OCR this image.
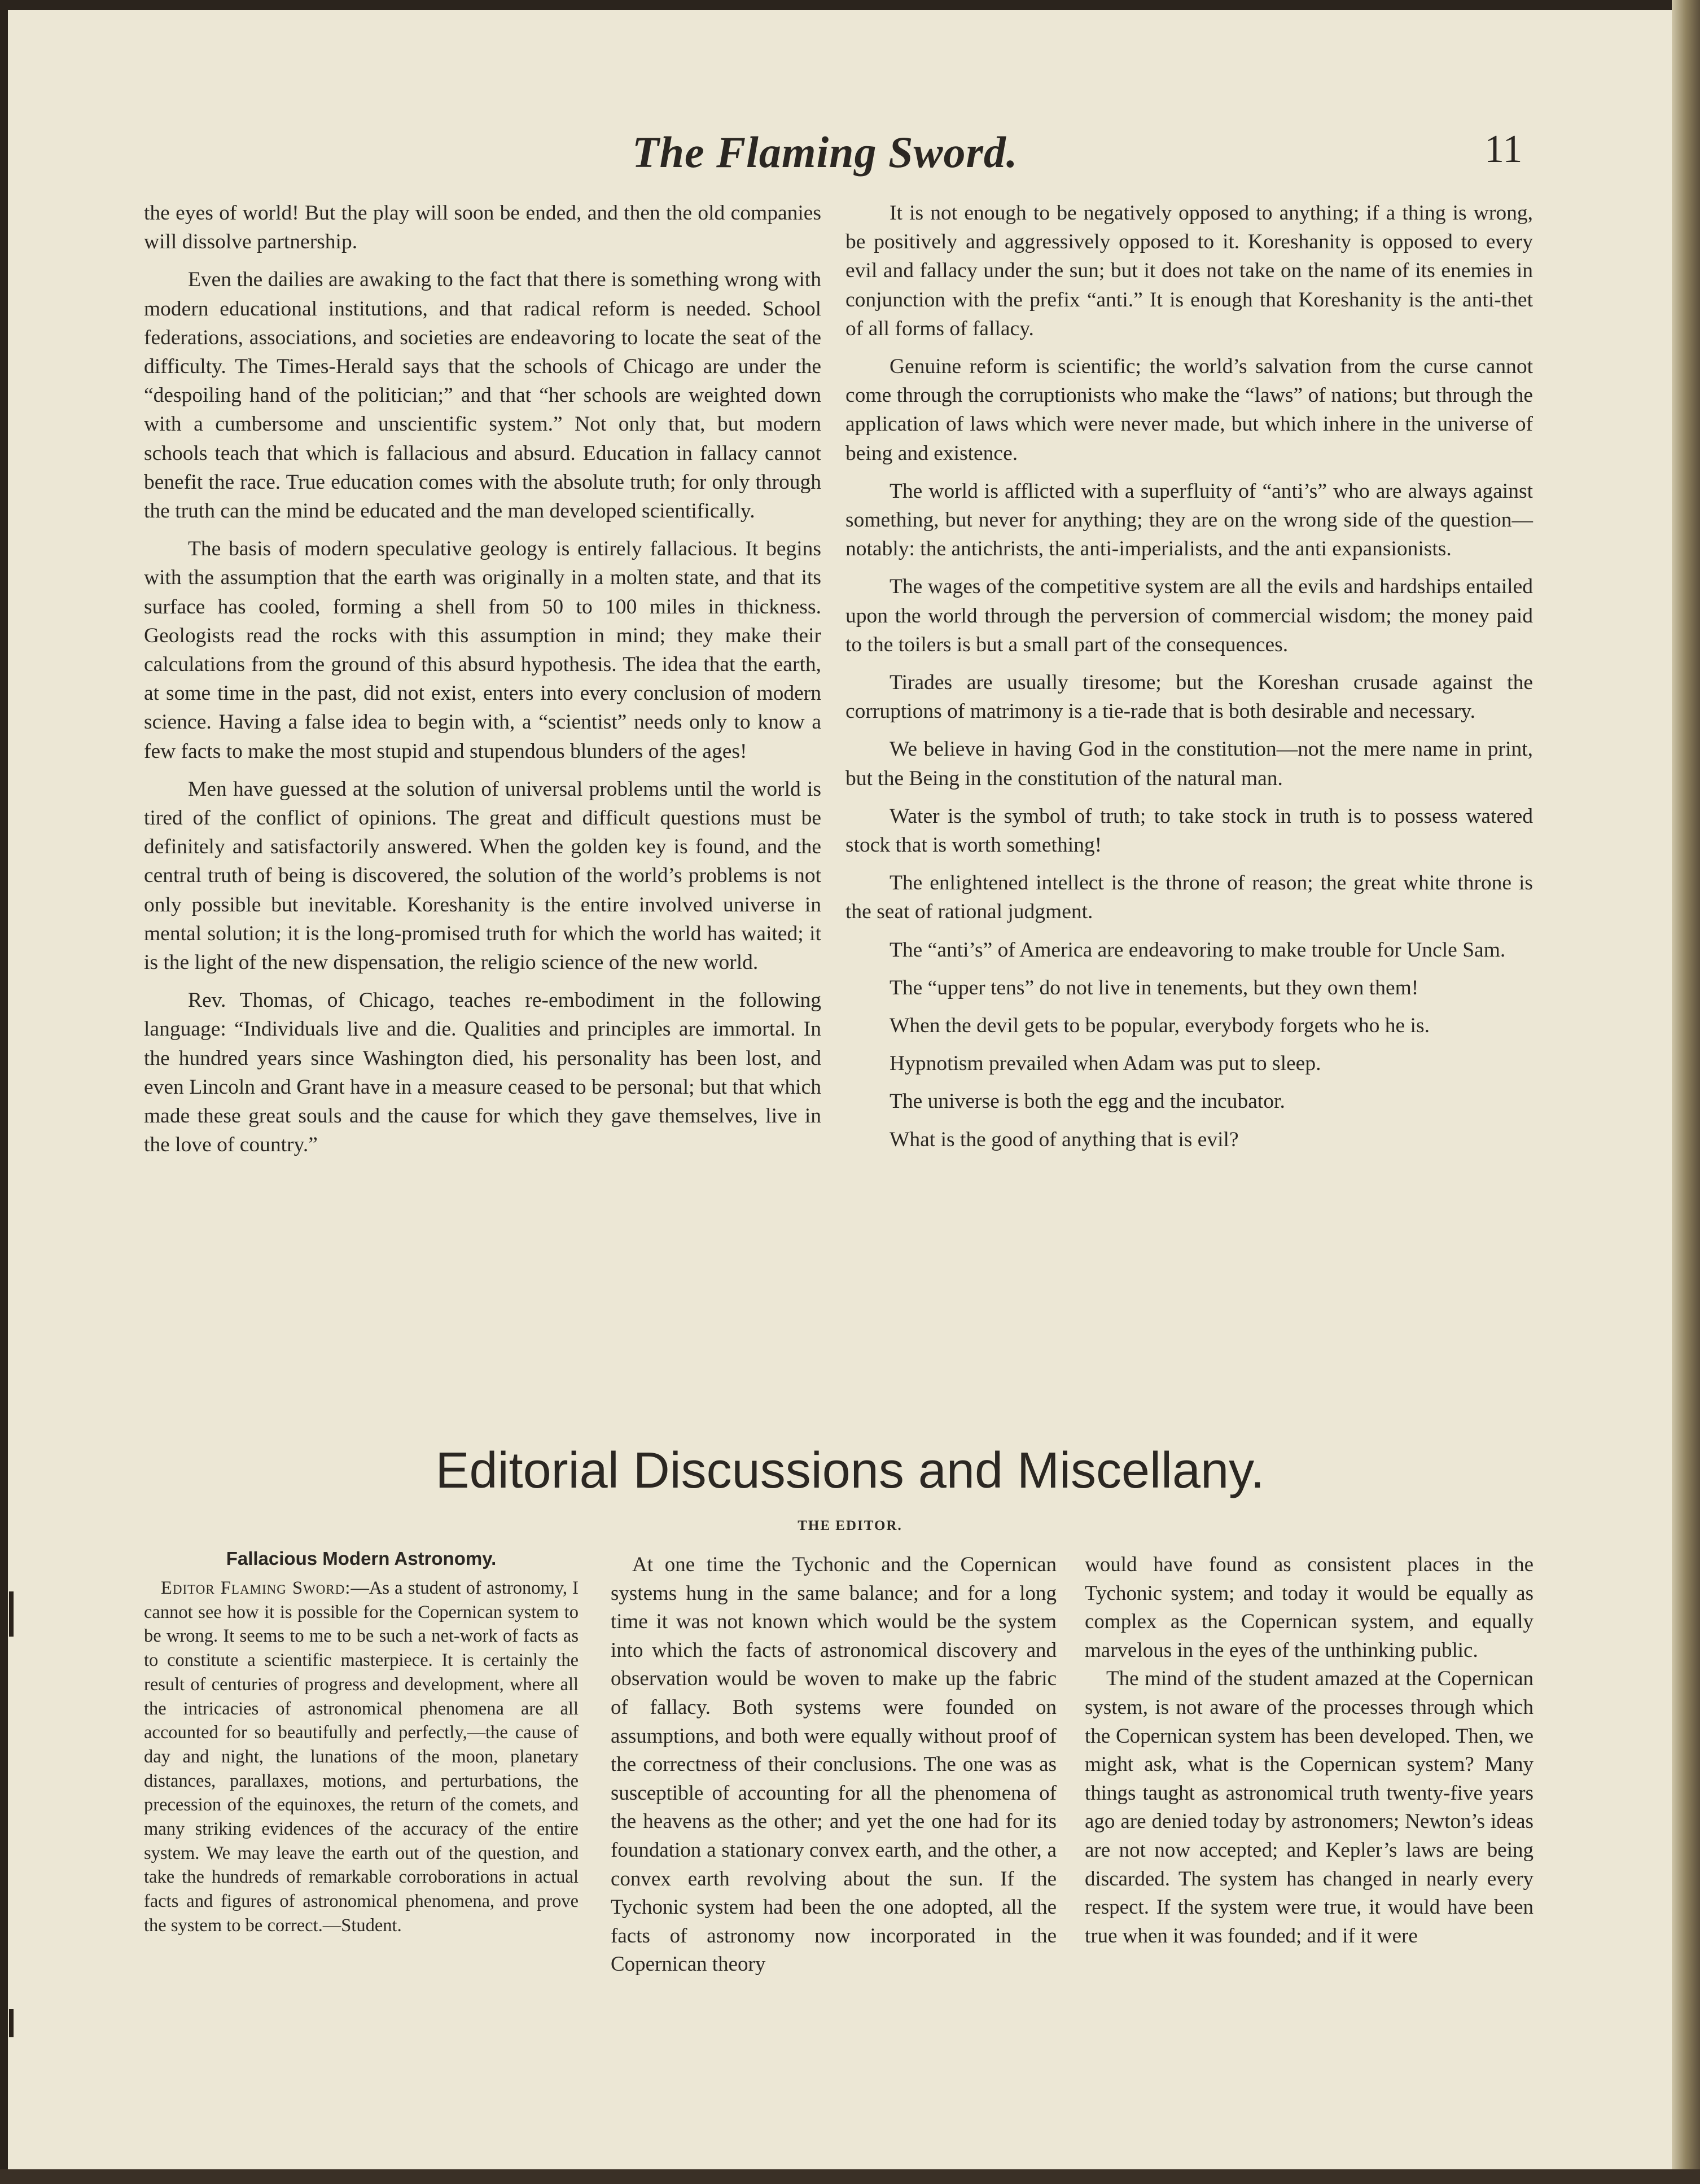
The Flaming Sword.	11

the eyes of world! But the play will soon be ended, and then the old companies will dissolve partnership.

Even the dailies are awaking to the fact that there is something wrong with modern educational institutions, and that radical reform is needed. School federations, associations, and societies are endeavoring to locate the seat of the difficulty. The Times-Herald says that the schools of Chicago are under the “despoiling hand of the politician;” and that “her schools are weighted down with a cumbersome and unscientific system.” Not only that, but modern schools teach that which is fallacious and absurd. Education in fallacy cannot benefit the race. True education comes with the absolute truth; for only through the truth can the mind be educated and the man developed scientifically.

The basis of modern speculative geology is entirely fallacious. It begins with the assumption that the earth was originally in a molten state, and that its surface has cooled, forming a shell from 50 to 100 miles in thickness. Geologists read the rocks with this assumption in mind; they make their calculations from the ground of this absurd hypothesis. The idea that the earth, at some time in the past, did not exist, enters into every conclusion of modern science. Having a false idea to begin with, a “scientist” needs only to know a few facts to make the most stupid and stupendous blunders of the ages!

Men have guessed at the solution of universal problems until the world is tired of the conflict of opinions. The great and difficult questions must be definitely and satisfactorily answered. When the golden key is found, and the central truth of being is discovered, the solution of the world’s problems is not only possible but inevitable. Koreshanity is the entire involved universe in mental solution; it is the long-promised truth for which the world has waited; it is the light of the new dispensation, the religio science of the new world.

Rev. Thomas, of Chicago, teaches re-embodiment in the following language: “Individuals live and die. Qualities and principles are immortal. In the hundred years since Washington died, his personality has been lost, and even Lincoln and Grant have in a measure ceased to be personal; but that which made these great souls and the cause for which they gave themselves, live in the love of country.”

It is not enough to be negatively opposed to anything; if a thing is wrong, be positively and aggressively opposed to it. Koreshanity is opposed to every evil and fallacy under the sun; but it does not take on the name of its enemies in conjunction with the prefix “anti.” It is enough that Koreshanity is the anti-thet of all forms of fallacy.

Genuine reform is scientific; the world’s salvation from the curse cannot come through the corruptionists who make the “laws” of nations; but through the application of laws which were never made, but which inhere in the universe of being and existence.

The world is afflicted with a superfluity of “anti’s” who are always against something, but never for anything; they are on the wrong side of the question—notably: the antichrists, the anti-imperialists, and the anti expansionists.

The wages of the competitive system are all the evils and hardships entailed upon the world through the perversion of commercial wisdom; the money paid to the toilers is but a small part of the consequences.

Tirades are usually tiresome; but the Koreshan crusade against the corruptions of matrimony is a tie-rade that is both desirable and necessary.

We believe in having God in the constitution—not the mere name in print, but the Being in the constitution of the natural man.

Water is the symbol of truth; to take stock in truth is to possess watered stock that is worth something!

The enlightened intellect is the throne of reason; the great white throne is the seat of rational judgment.

The “anti’s” of America are endeavoring to make trouble for Uncle Sam.

The “upper tens” do not live in tenements, but they own them!

When the devil gets to be popular, everybody forgets who he is.

Hypnotism prevailed when Adam was put to sleep.

The universe is both the egg and the incubator.

What is the good of anything that is evil?

Editorial Discussions and Miscellany.
THE EDITOR.
Fallacious Modern Astronomy.

Editor Flaming Sword:—As a student of astronomy, I cannot see how it is possible for the Copernican system to be wrong. It seems to me to be such a net-work of facts as to constitute a scientific masterpiece. It is certainly the result of centuries of progress and development, where all the intricacies of astronomical phenomena are all accounted for so beautifully and perfectly,—the cause of day and night, the lunations of the moon, planetary distances, parallaxes, motions, and perturbations, the precession of the equinoxes, the return of the comets, and many striking evidences of the accuracy of the entire system. We may leave the earth out of the question, and take the hundreds of remarkable corroborations in actual facts and figures of astronomical phenomena, and prove the system to be correct.—Student.

At one time the Tychonic and the Copernican systems hung in the same balance; and for a long time it was not known which would be the system into which the facts of astronomical discovery and observation would be woven to make up the fabric of fallacy. Both systems were founded on assumptions, and both were equally without proof of the correctness of their conclusions. The one was as susceptible of accounting for all the phenomena of the heavens as the other; and yet the one had for its foundation a stationary convex earth, and the other, a convex earth revolving about the sun. If the Tychonic system had been the one adopted, all the facts of astronomy now incorporated in the Copernican theory

would have found as consistent places in the Tychonic system; and today it would be equally as complex as the Copernican system, and equally marvelous in the eyes of the unthinking public.

The mind of the student amazed at the Copernican system, is not aware of the processes through which the Copernican system has been developed. Then, we might ask, what is the Copernican system? Many things taught as astronomical truth twenty-five years ago are denied today by astronomers; Newton’s ideas are not now accepted; and Kepler’s laws are being discarded. The system has changed in nearly every respect. If the system were true, it would have been true when it was founded; and if it were
